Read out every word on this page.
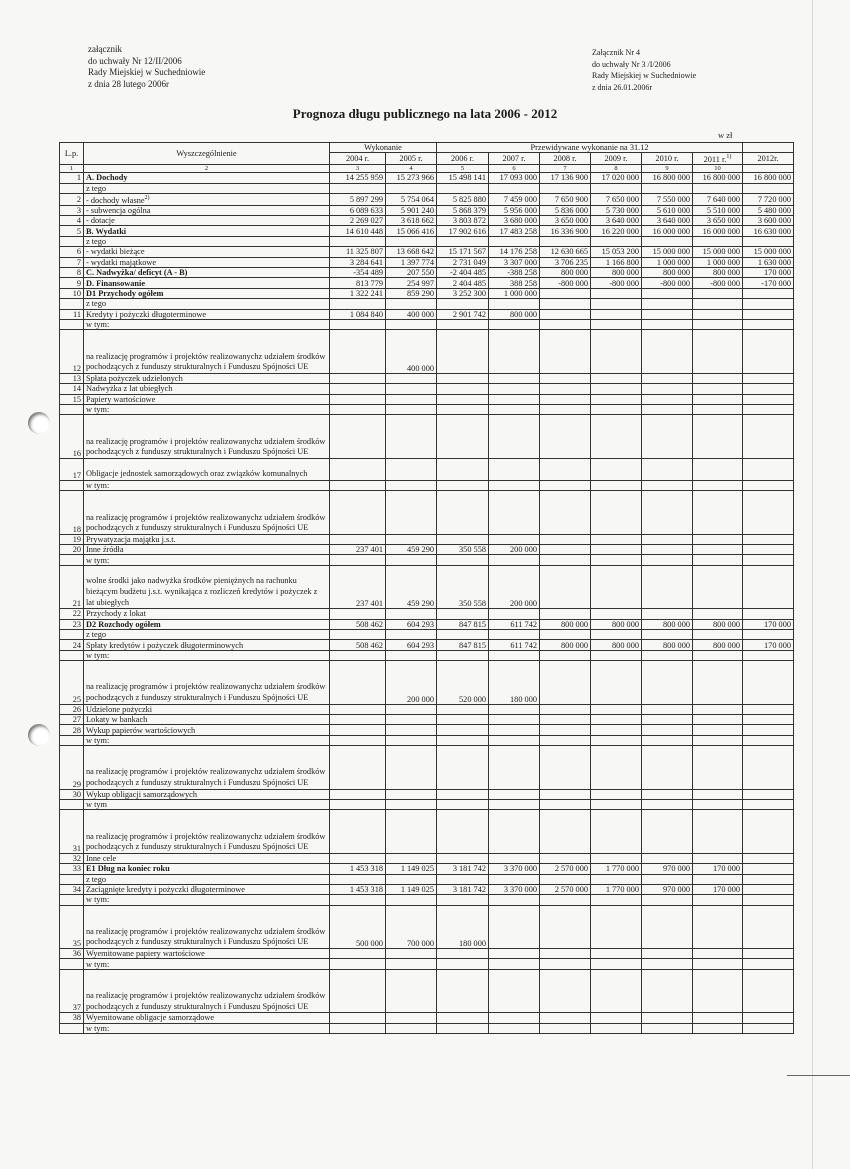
załącznik
do uchwały Nr 12/II/2006
Rady Miejskiej w Suchedniowie
z dnia 28 lutego 2006r
Załącznik Nr 4
do uchwały Nr 3 /I/2006
Rady Miejskiej w Suchedniowie
z dnia 26.01.2006r
Prognoza długu publicznego na lata 2006 - 2012
w zł
L.p.	Wyszczególnienie	Wykonanie		Przewidywane wykonanie na 31.12						
		2004 r.	2005 r.	2006 r.	2007 r.	2008 r.	2009 r.	2010 r.	2011 r.$^{1)}$	2012r.
1	2	3	4	5	6	7	8	9	10	
1	A. Dochody	14 255 959	15 273 966	15 498 141	17 093 000	17 136 900	17 020 000	16 800 000	16 800 000	16 800 000
	z tego									
2	- dochody własne$^{2)}$	5 897 299	5 754 064	5 825 880	7 459 000	7 650 900	7 650 000	7 550 000	7 640 000	7 720 000
3	- subwencja ogólna	6 089 633	5 901 240	5 868 379	5 956 000	5 836 000	5 730 000	5 610 000	5 510 000	5 480 000
4	- dotacje	2 269 027	3 618 662	3 803 872	3 680 000	3 650 000	3 640 000	3 640 000	3 650 000	3 600 000
5	B. Wydatki	14 610 448	15 066 416	17 902 616	17 483 258	16 336 900	16 220 000	16 000 000	16 000 000	16 630 000
	z tego									
6	- wydatki bieżące	11 325 807	13 668 642	15 171 567	14 176 258	12 630 665	15 053 200	15 000 000	15 000 000	15 000 000
7	- wydatki majątkowe	3 284 641	1 397 774	2 731 049	3 307 000	3 706 235	1 166 800	1 000 000	1 000 000	1 630 000
8	C. Nadwyżka/ deficyt (A - B)	-354 489	207 550	-2 404 485	-388 258	800 000	800 000	800 000	800 000	170 000
9	D. Finansowanie	813 779	254 997	2 404 485	388 258	-800 000	-800 000	-800 000	-800 000	-170 000
10	D1 Przychody ogółem	1 322 241	859 290	3 252 300	1 000 000					
	z tego									
11	Kredyty i pożyczki długoterminowe	1 084 840	400 000	2 901 742	800 000					
	w tym:									
12	na realizację programów i projektów realizowanychz udziałem środków pochodzących z funduszy strukturalnych i Funduszu Spójności UE		400 000							
13	Spłata pożyczek udzielonych									
14	Nadwyżka z lat ubiegłych									
15	Papiery wartościowe									
	w tym:									
16	na realizację programów i projektów realizowanychz udziałem środków pochodzących z funduszy strukturalnych i Funduszu Spójności UE									
17	Obligacje jednostek samorządowych oraz związków komunalnych									
	w tym:									
18	na realizację programów i projektów realizowanychz udziałem środków pochodzących z funduszy strukturalnych i Funduszu Spójności UE									
19	Prywatyzacja majątku j.s.t.									
20	Inne źródła	237 401	459 290	350 558	200 000					
	w tym:									
21	wolne środki jako nadwyżka środków pieniężnych na rachunku bieżącym budżetu j.s.t. wynikająca z rozliczeń kredytów i pożyczek z lat ubiegłych	237 401	459 290	350 558	200 000					
22	Przychody z lokat									
23	D2 Rozchody ogółem	508 462	604 293	847 815	611 742	800 000	800 000	800 000	800 000	170 000
	z tego									
24	Spłaty kredytów i pożyczek długoterminowych	508 462	604 293	847 815	611 742	800 000	800 000	800 000	800 000	170 000
	w tym:									
25	na realizację programów i projektów realizowanychz udziałem środków pochodzących z funduszy strukturalnych i Funduszu Spójności UE		200 000	520 000	180 000					
26	Udzielone pożyczki									
27	Lokaty w bankach									
28	Wykup papierów wartościowych									
	w tym:									
29	na realizację programów i projektów realizowanychz udziałem środków pochodzących z funduszy strukturalnych i Funduszu Spójności UE									
30	Wykup obligacji samorządowych									
	w tym									
31	na realizację programów i projektów realizowanychz udziałem środków pochodzących z funduszy strukturalnych i Funduszu Spójności UE									
32	Inne cele									
33	E1 Dług na koniec roku	1 453 318	1 149 025	3 181 742	3 370 000	2 570 000	1 770 000	970 000	170 000	
	z tego									
34	Zaciągnięte kredyty i pożyczki długoterminowe	1 453 318	1 149 025	3 181 742	3 370 000	2 570 000	1 770 000	970 000	170 000	
	w tym:									
35	na realizację programów i projektów realizowanychz udziałem środków pochodzących z funduszy strukturalnych i Funduszu Spójności UE	500 000	700 000	180 000						
36	Wyemitowane papiery wartościowe									
	w tym:									
37	na realizację programów i projektów realizowanychz udziałem środków pochodzących z funduszy strukturalnych i Funduszu Spójności UE									
38	Wyemitowane obligacje samorządowe									
	w tym:									
